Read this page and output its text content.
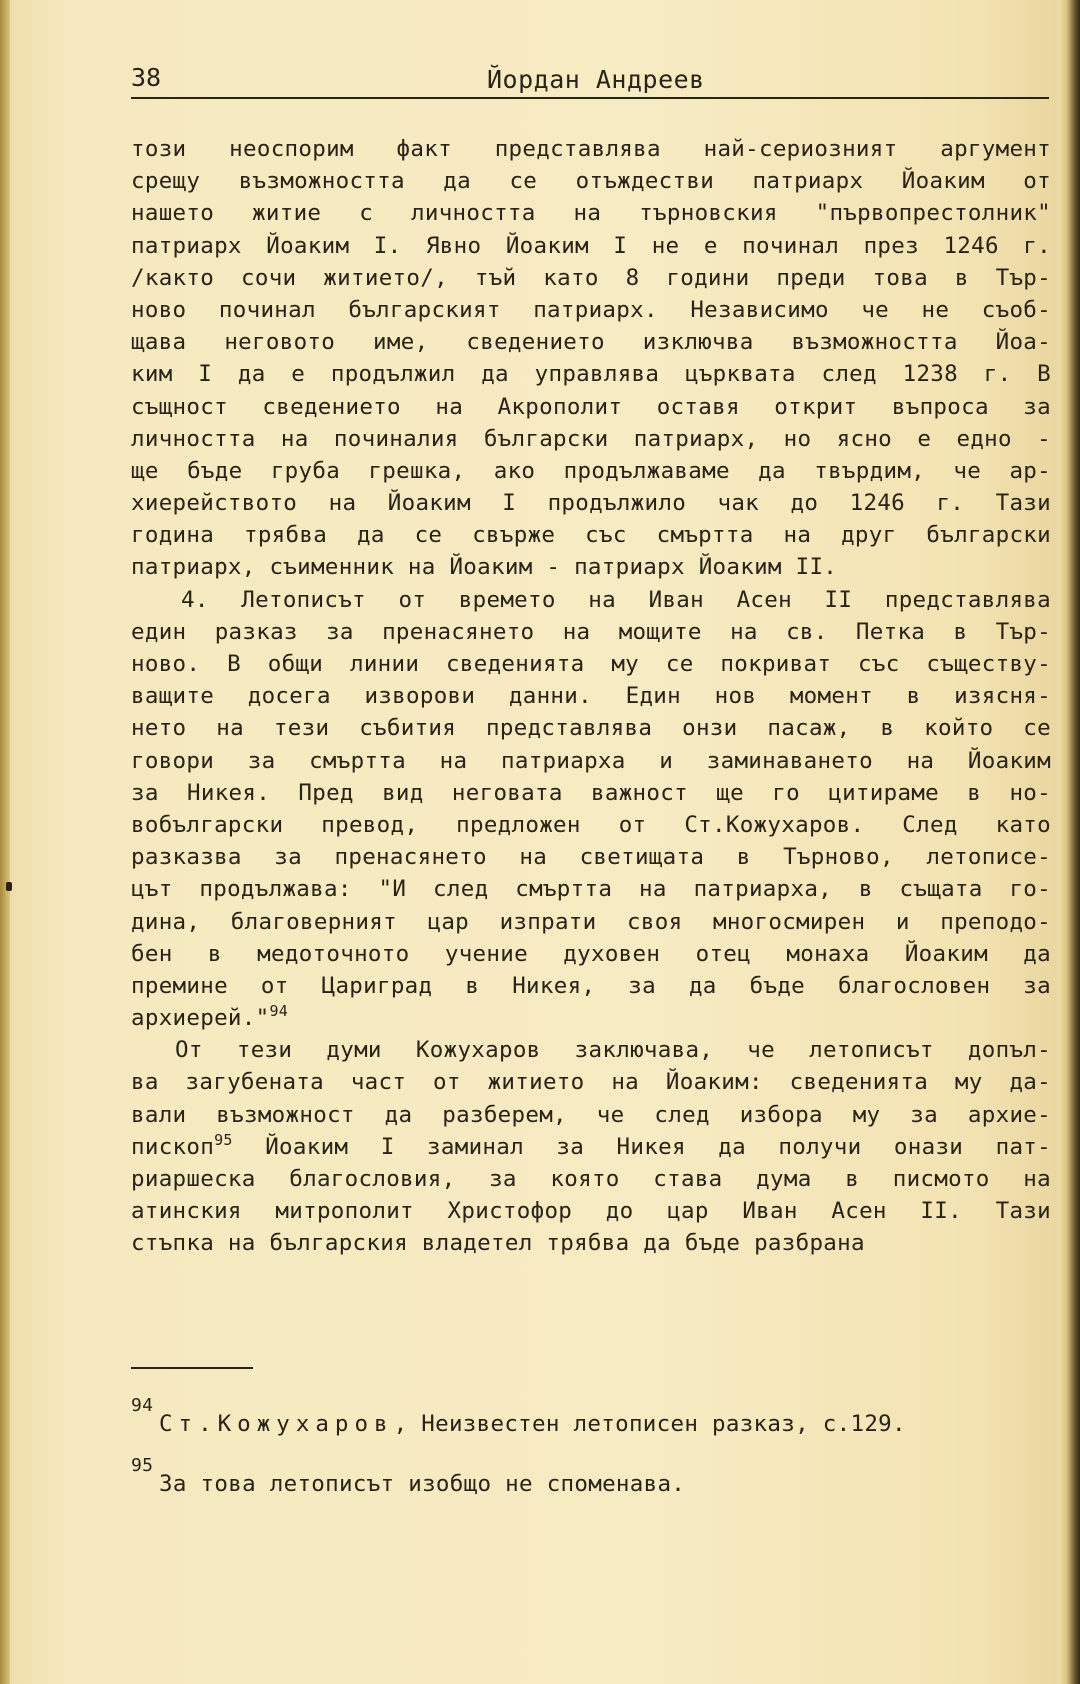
38	Йордан Андреев
този неоспорим факт представлява най-сериозният аргумент
срещу възможността да се отъждестви патриарх Йоаким от
нашето житие с личността на търновския "първопрестолник"
патриарх Йоаким I. Явно Йоаким I не е починал през 1246 г.
/както сочи житието/, тъй като 8 години преди това в Тър-
ново починал българският патриарх. Независимо че не съоб-
щава неговото име, сведението изключва възможността Йоа-
ким I да е продължил да управлява църквата след 1238 г. В
същност сведението на Акрополит оставя открит въпроса за
личността на починалия български патриарх, но ясно е едно -
ще бъде груба грешка, ако продължаваме да твърдим, че ар-
хиерейството на Йоаким I продължило чак до 1246 г. Тази
година трябва да се свърже със смъртта на друг български
патриарх, съименник на Йоаким - патриарх Йоаким II.
4. Летописът от времето на Иван Асен II представлява
един разказ за пренасянето на мощите на св. Петка в Тър-
ново. В общи линии сведенията му се покриват със съществу-
ващите досега изворови данни. Един нов момент в изясня-
нето на тези събития представлява онзи пасаж, в който се
говори за смъртта на патриарха и заминаването на Йоаким
за Никея. Пред вид неговата важност ще го цитираме в но-
вобългарски превод, предложен от Ст.Кожухаров. След като
разказва за пренасянето на светищата в Търново, летописе-
цът продължава: "И след смъртта на патриарха, в същата го-
дина, благоверният цар изпрати своя многосмирен и преподо-
бен в медоточното учение духовен отец монаха Йоаким да
премине от Цариград в Никея, за да бъде благословен за
архиерей."$^{94}$
От тези думи Кожухаров заключава, че летописът допъл-
ва загубената част от житието на Йоаким: сведенията му да-
вали възможност да разберем, че след избора му за архие-
пископ$^{95}$ Йоаким I заминал за Никея да получи онази пат-
риаршеска благословия, за която става дума в писмото на
атинския митрополит Христофор до цар Иван Асен II. Тази
стъпка на българския владетел трябва да бъде разбрана
94
Ст.Кожухаров, Неизвестен летописен разказ, с.129.
95
За това летописът изобщо не споменава.
